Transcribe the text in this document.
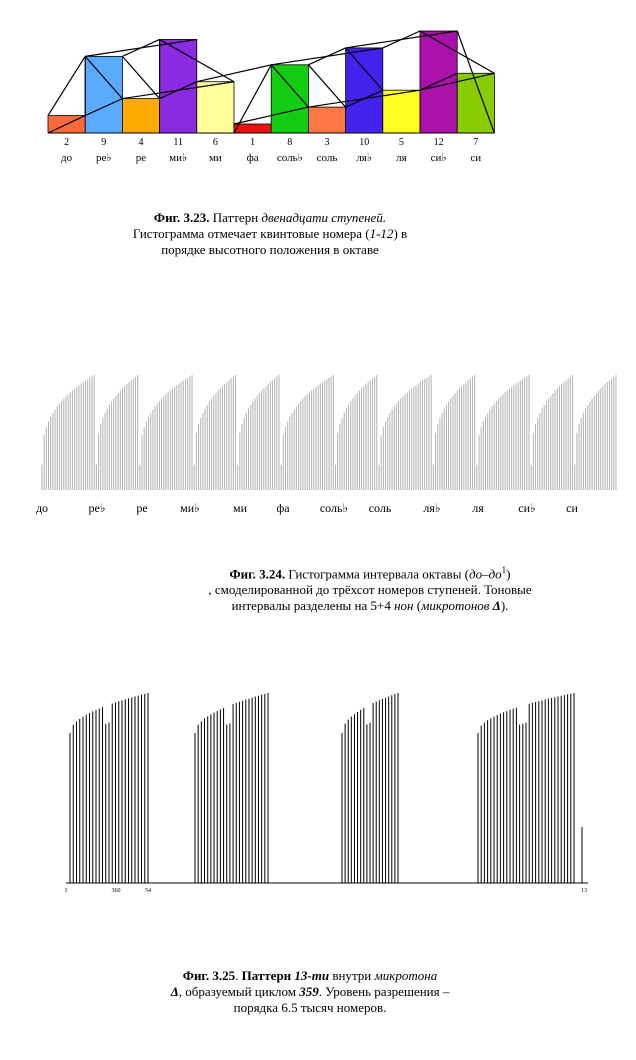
2	9	4	11	6	1	8	3	10	5	12	7
до ре♭ ре ми♭ ми фа соль♭ соль ля♭ ля си♭ си
Фиг. 3.23. Паттерн двенадцати ступеней.
Гистограмма отмечает квинтовые номера (1-12) в
порядке высотного положения в октаве
до	ре♭	ре	ми♭	ми фа	соль♭ соль	ля♭	ля	си♭	си
Фиг. 3.24. Гистограмма интервала октавы $(до-до^1)$
, смоделированной до трёхсот номеров ступеней. Тоновые
интервалы разделены на 5+4 нон (микротонов Δ).
1	360	54	13
Фиг. 3.25. Паттерн 13-ти внутри микротона
Δ, образуемый циклом 359. Уровень разрешения –
порядка 6.5 тысяч номеров.
